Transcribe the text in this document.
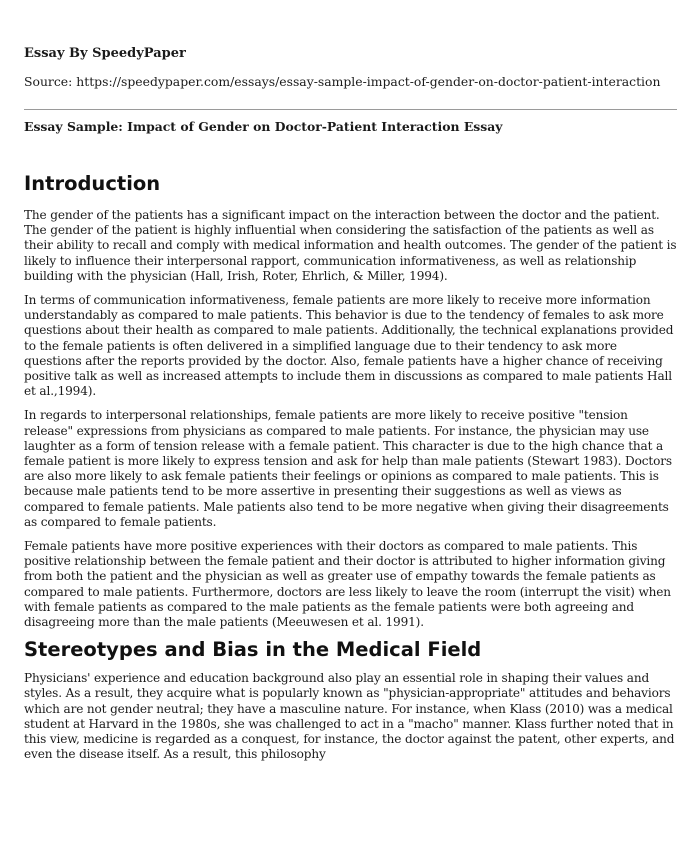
Essay By SpeedyPaper
Source: https://speedypaper.com/essays/essay-sample-impact-of-gender-on-doctor-patient-interaction
Essay Sample: Impact of Gender on Doctor-Patient Interaction Essay
Introduction

The gender of the patients has a significant impact on the interaction between the doctor and the patient. The gender of the patient is highly influential when considering the satisfaction of the patients as well as their ability to recall and comply with medical information and health outcomes. The gender of the patient is likely to influence their interpersonal rapport, communication informativeness, as well as relationship building with the physician (Hall, Irish, Roter, Ehrlich, & Miller, 1994).

In terms of communication informativeness, female patients are more likely to receive more information understandably as compared to male patients. This behavior is due to the tendency of females to ask more questions about their health as compared to male patients. Additionally, the technical explanations provided to the female patients is often delivered in a simplified language due to their tendency to ask more questions after the reports provided by the doctor. Also, female patients have a higher chance of receiving positive talk as well as increased attempts to include them in discussions as compared to male patients Hall et al.,1994).

In regards to interpersonal relationships, female patients are more likely to receive positive "tension release" expressions from physicians as compared to male patients. For instance, the physician may use laughter as a form of tension release with a female patient. This character is due to the high chance that a female patient is more likely to express tension and ask for help than male patients (Stewart 1983). Doctors are also more likely to ask female patients their feelings or opinions as compared to male patients. This is because male patients tend to be more assertive in presenting their suggestions as well as views as compared to female patients. Male patients also tend to be more negative when giving their disagreements as compared to female patients.

Female patients have more positive experiences with their doctors as compared to male patients. This positive relationship between the female patient and their doctor is attributed to higher information giving from both the patient and the physician as well as greater use of empathy towards the female patients as compared to male patients. Furthermore, doctors are less likely to leave the room (interrupt the visit) when with female patients as compared to the male patients as the female patients were both agreeing and disagreeing more than the male patients (Meeuwesen et al. 1991).

Stereotypes and Bias in the Medical Field

Physicians' experience and education background also play an essential role in shaping their values and styles. As a result, they acquire what is popularly known as "physician-appropriate" attitudes and behaviors which are not gender neutral; they have a masculine nature. For instance, when Klass (2010) was a medical student at Harvard in the 1980s, she was challenged to act in a "macho" manner. Klass further noted that in this view, medicine is regarded as a conquest, for instance, the doctor against the patent, other experts, and even the disease itself. As a result, this philosophy
